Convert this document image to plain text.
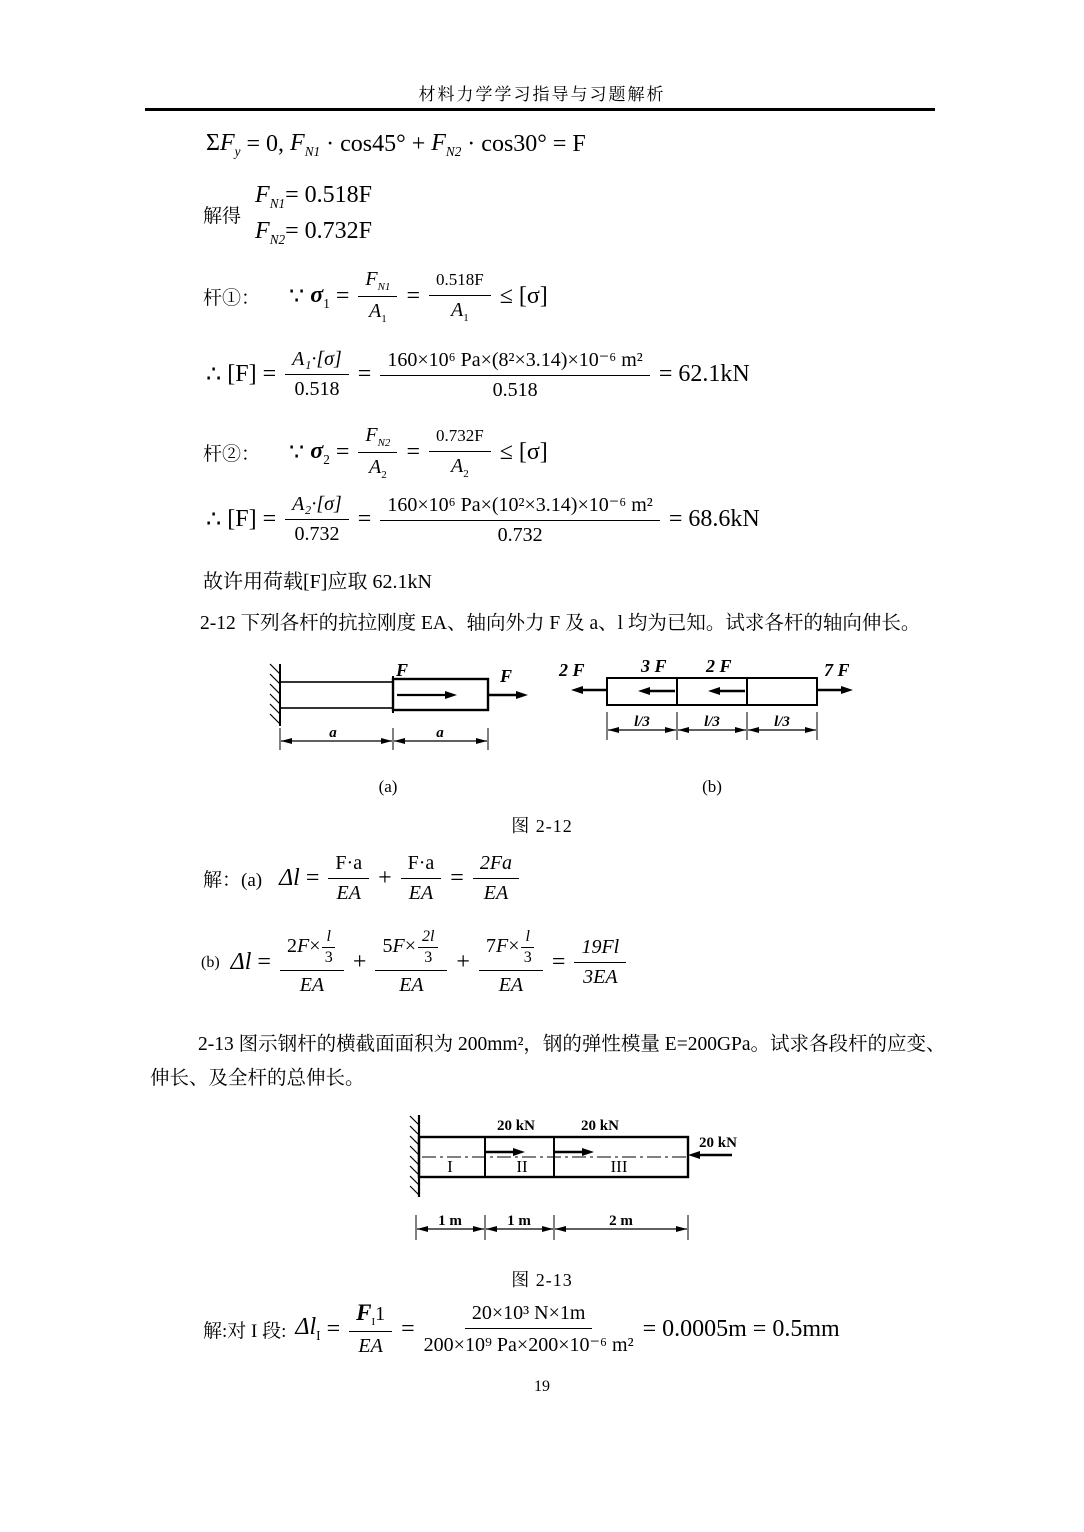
材料力学学习指导与习题解析
$\Sigma F_y = 0$, $F_{N1} \cdot \cos 45^\circ + F_{N2} \cdot \cos 30^\circ = F$
解得
$F_{N1}= 0.518F$
$F_{N2}= 0.732F$
杆①：	∵ $\sigma_1 = \frac{F_{N1}}{A_1} = \frac{0.518F}{A_1} \le [\sigma]$
∴ $[F] = \frac{\text{A₁·[σ]}}{0.518} = \frac{\text{160×10⁶ Pa×(8²×3.14)×10⁻⁶ m²}}{0.518} = 62.1kN$
杆②：	∵ $\sigma_2 = \frac{F_{N2}}{A_2} = \frac{0.732F}{A_2} \le [\sigma]$
∴ $[F] = \frac{\text{A₂·[σ]}}{0.732} = \frac{\text{160×10⁶ Pa×(10²×3.14)×10⁻⁶ m²}}{0.732} = 68.6kN$
故许用荷载[F]应取 62.1kN
2-12 下列各杆的抗拉刚度 EA、轴向外力 F 及 a、l 均为已知。试求各杆的轴向伸长。
F	F
a	a
(a)
2 F	3 F 2 F	7 F
l/3	l/3	l/3
(b)
图 2-12
解：(a) $\Delta l = \frac{F\cdot a}{EA} + \frac{F\cdot a}{EA} = \frac{2Fa}{EA}$
(b) $\Delta l = \frac{2F\times \frac{l}{3}}{EA} + \frac{5F\times \frac{2l}{3}}{EA} + \frac{7F\times \frac{l}{3}}{EA} = \frac{19Fl}{3EA}$
2-13 图示钢杆的横截面面积为 200mm²，钢的弹性模量 E=200GPa。试求各段杆的应变、
伸长、及全杆的总伸长。
I	II	III
20 kN	20 kN
20 kN
1 m	1 m	2 m
图 2-13
解:对 I 段: $\Delta l_I = \frac{F_I1}{EA} = \frac{\text{20×10³ N×1m}}{\text{200×10⁹ Pa×200×10⁻⁶ m²}} = 0.0005m = 0.5mm$
19
